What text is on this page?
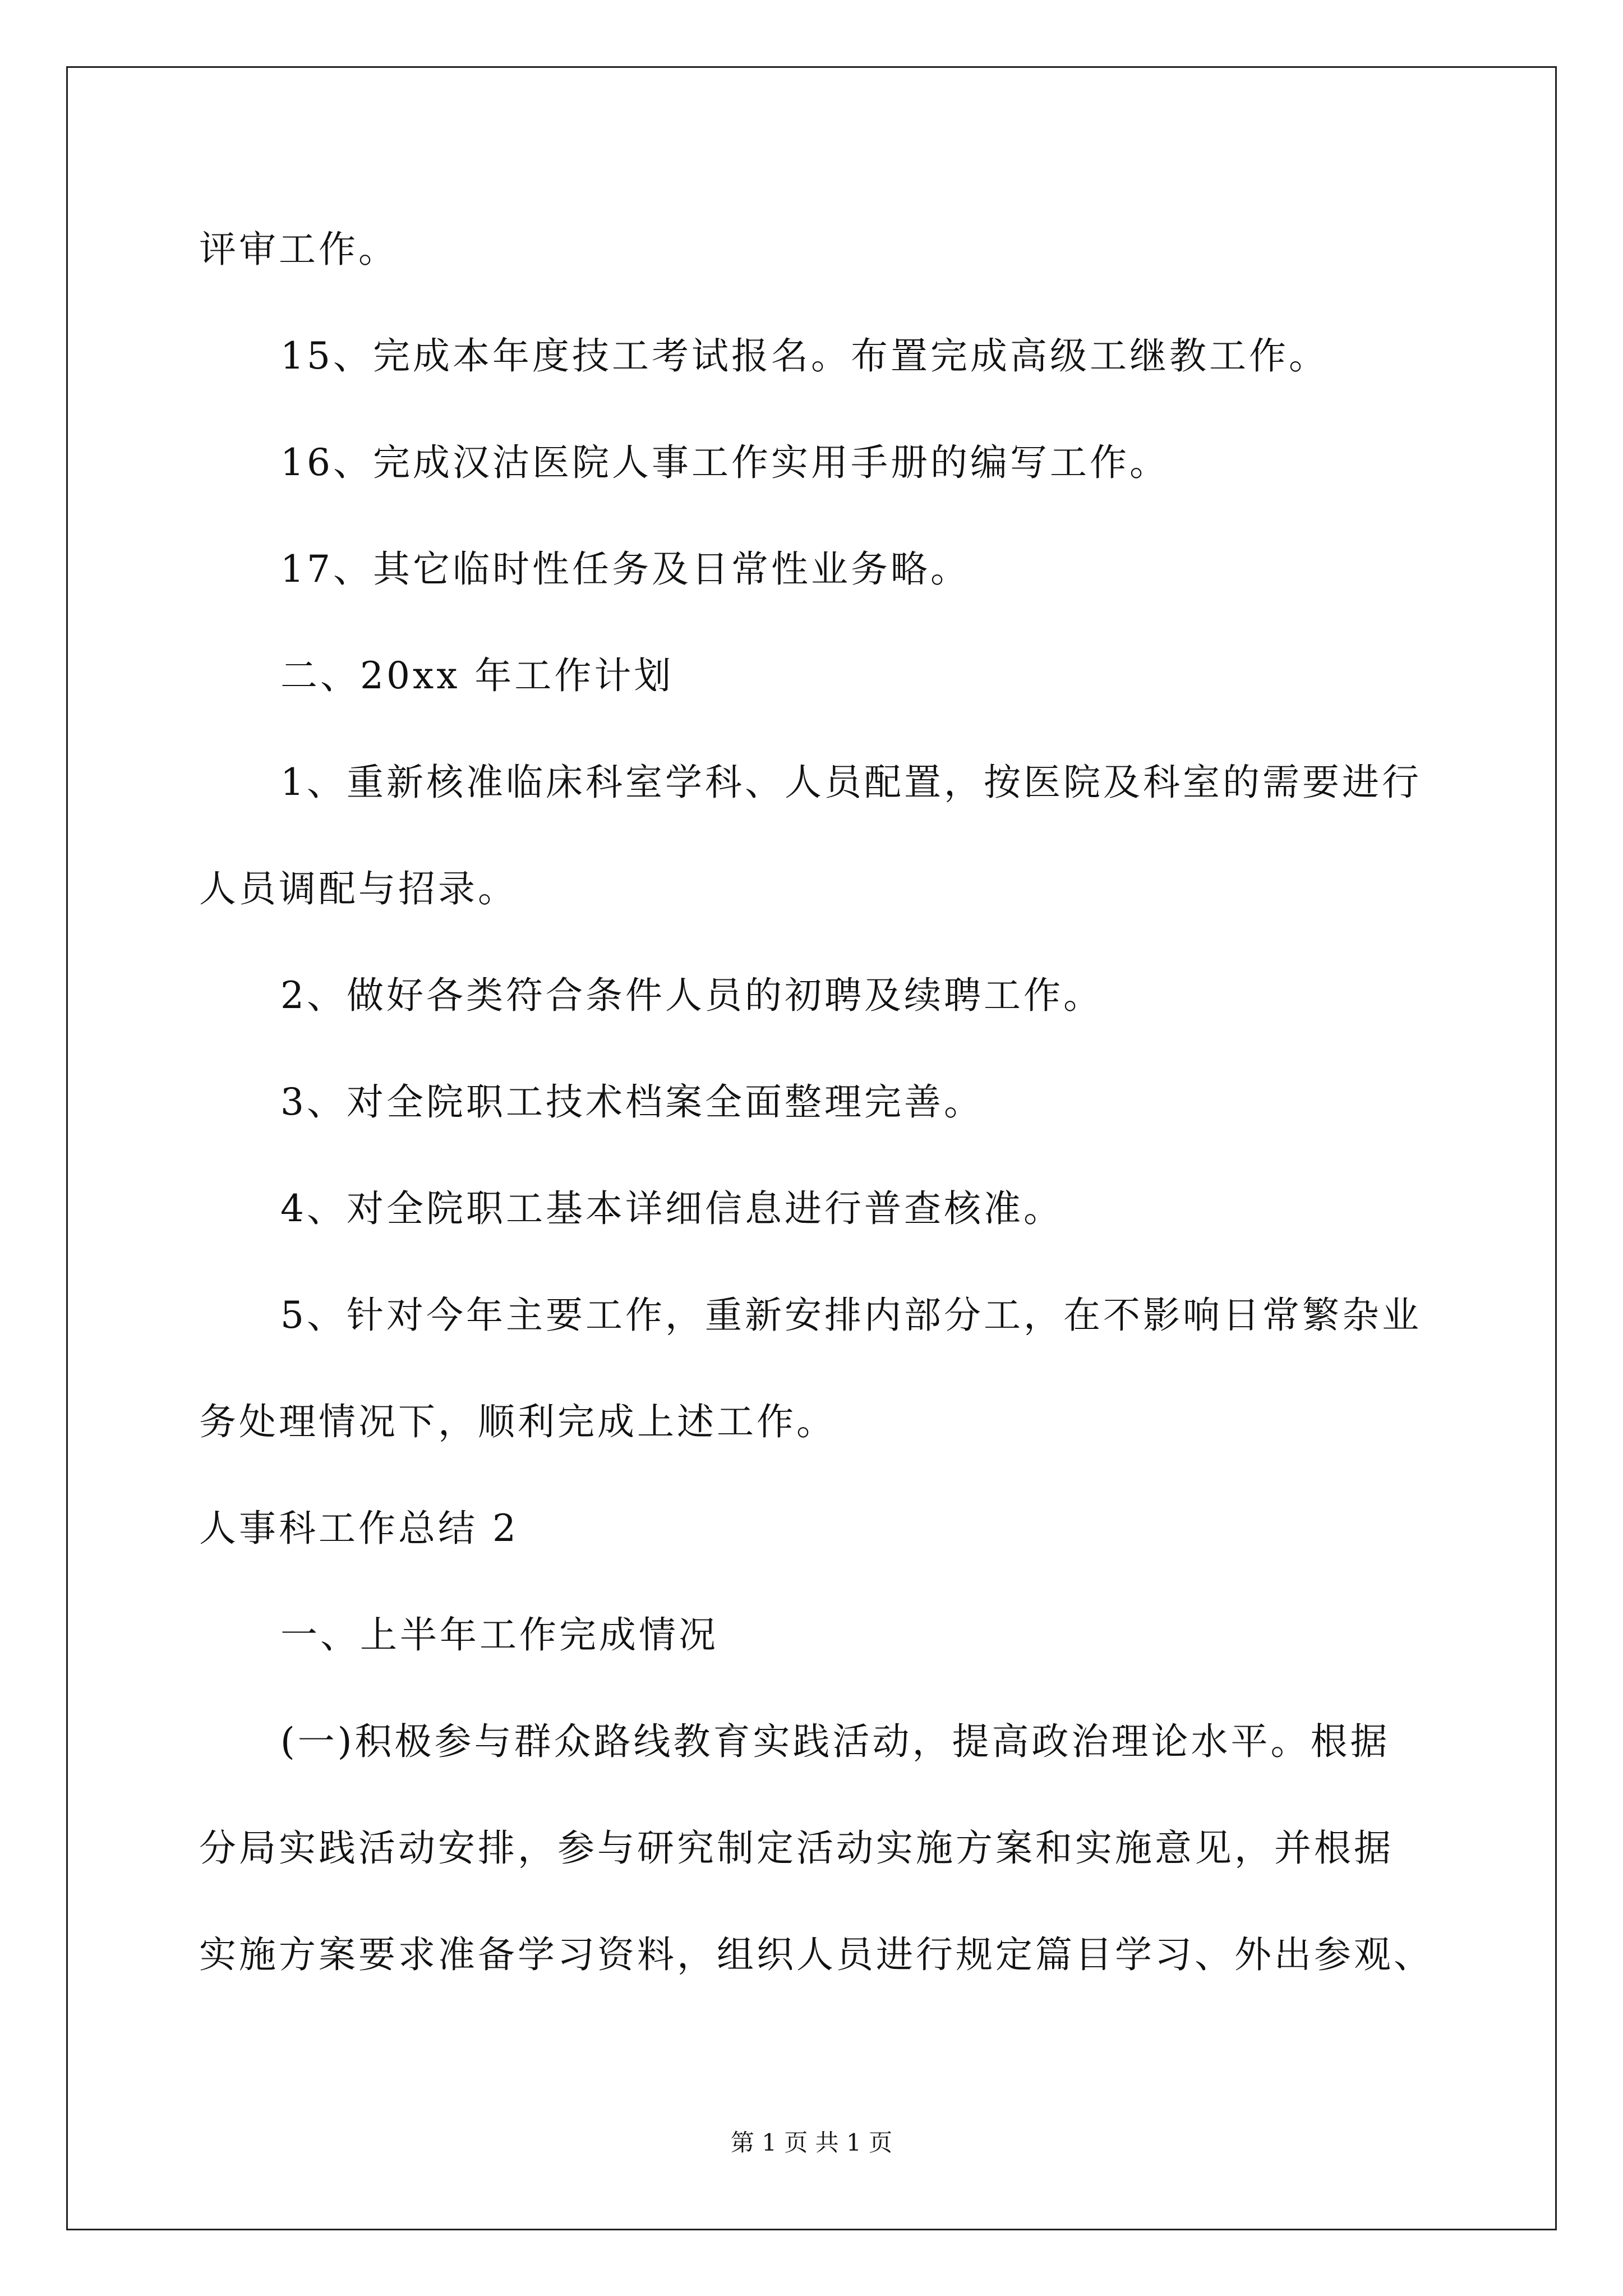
评审工作。
15、完成本年度技工考试报名。布置完成高级工继教工作。
16、完成汉沽医院人事工作实用手册的编写工作。
17、其它临时性任务及日常性业务略。
二、20xx 年工作计划
1、重新核准临床科室学科、人员配置，按医院及科室的需要进行
人员调配与招录。
2、做好各类符合条件人员的初聘及续聘工作。
3、对全院职工技术档案全面整理完善。
4、对全院职工基本详细信息进行普查核准。
5、针对今年主要工作，重新安排内部分工，在不影响日常繁杂业
务处理情况下，顺利完成上述工作。
人事科工作总结 2
一、上半年工作完成情况
(一)积极参与群众路线教育实践活动，提高政治理论水平。根据
分局实践活动安排，参与研究制定活动实施方案和实施意见，并根据
实施方案要求准备学习资料，组织人员进行规定篇目学习、外出参观、
第 1 页 共 1 页
